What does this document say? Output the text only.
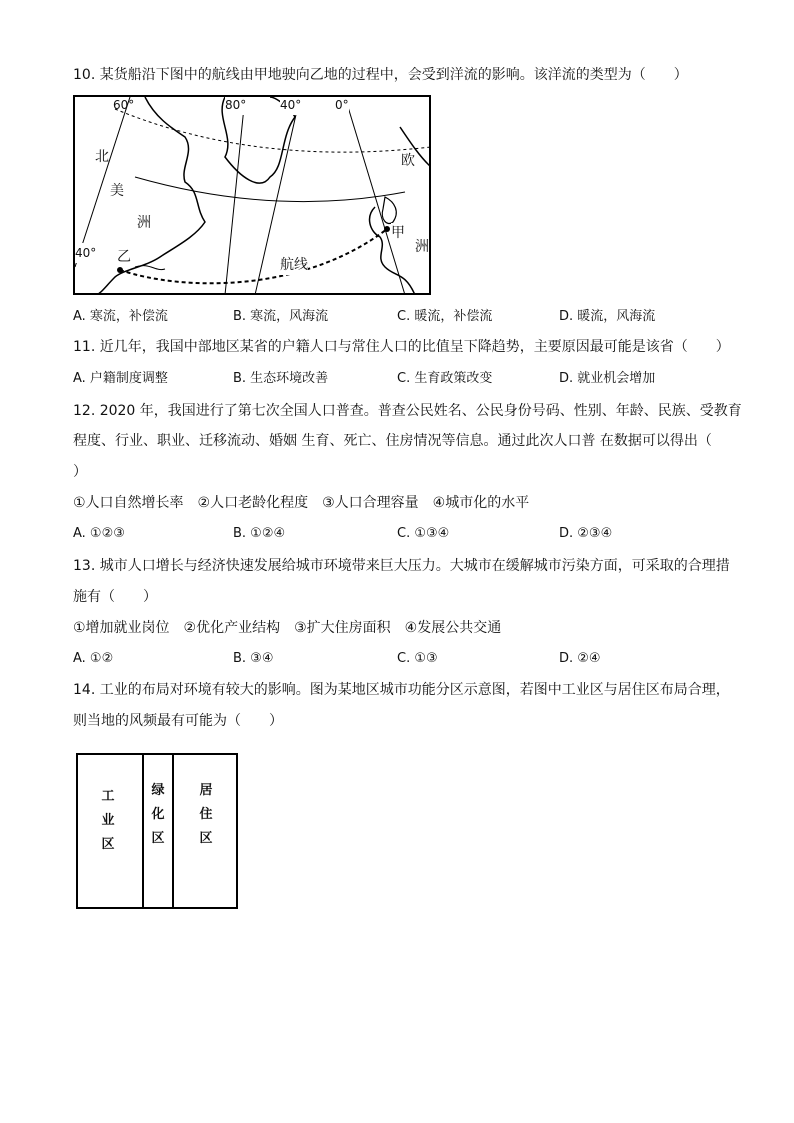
10. 某货船沿下图中的航线由甲地驶向乙地的过程中，会受到洋流的影响。该洋流的类型为（　　）
60°	80°	40°	0°
40°
北
美
洲
欧
洲
甲
乙	航线
A. 寒流，补偿流	B. 寒流，风海流	C. 暖流，补偿流	D. 暖流，风海流
11. 近几年，我国中部地区某省的户籍人口与常住人口的比值呈下降趋势，主要原因最可能是该省（　　）
A. 户籍制度调整	B. 生态环境改善	C. 生育政策改变	D. 就业机会增加
12. 2020 年，我国进行了第七次全国人口普查。普查公民姓名、公民身份号码、性别、年龄、民族、受教育
程度、行业、职业、迁移流动、婚姻 生育、死亡、住房情况等信息。通过此次人口普 在数据可以得出（
）
①人口自然增长率　②人口老龄化程度　③人口合理容量　④城市化的水平
A. ①②③	B. ①②④	C. ①③④	D. ②③④
13. 城市人口增长与经济快速发展给城市环境带来巨大压力。大城市在缓解城市污染方面，可采取的合理措
施有（　　）
①增加就业岗位　②优化产业结构　③扩大住房面积　④发展公共交通
A. ①②	B. ③④	C. ①③	D. ②④
14. 工业的布局对环境有较大的影响。图为某地区城市功能分区示意图，若图中工业区与居住区布局合理，
则当地的风频最有可能为（　　）
工
业
区
绿
化
区
居
住
区
